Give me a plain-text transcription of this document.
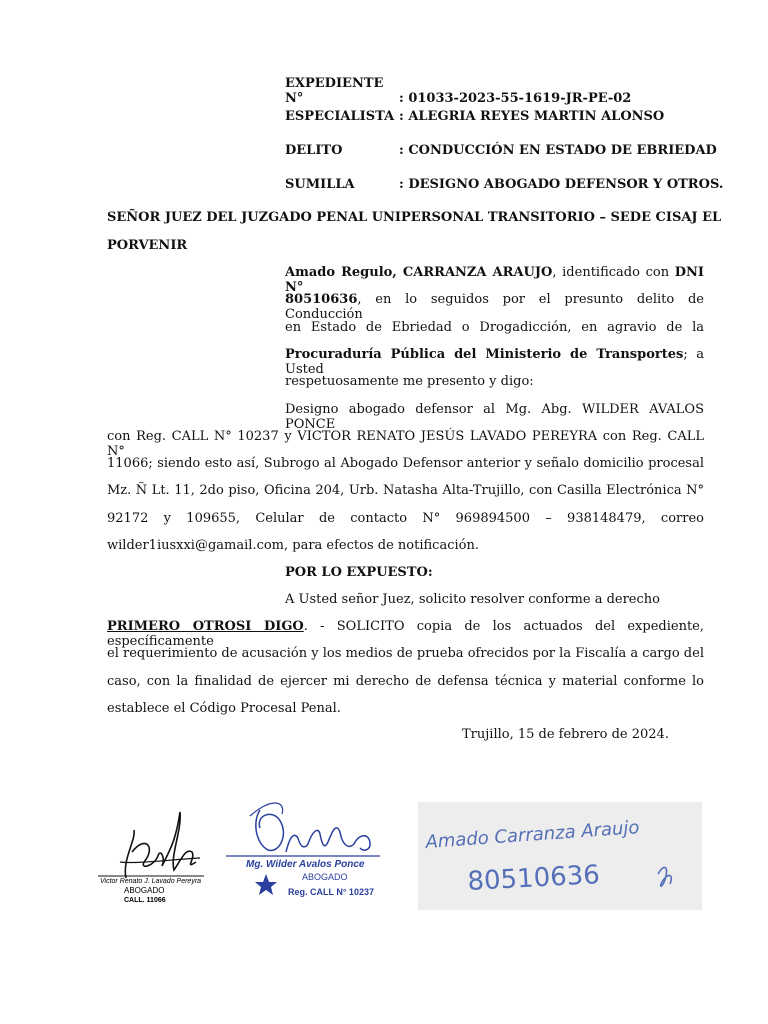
EXPEDIENTE N°	: 01033-2023-55-1619-JR-PE-02
ESPECIALISTA : ALEGRIA REYES MARTIN ALONSO
DELITO	: CONDUCCIÓN EN ESTADO DE EBRIEDAD
SUMILLA	: DESIGNO ABOGADO DEFENSOR Y OTROS.
SEÑOR JUEZ DEL JUZGADO PENAL UNIPERSONAL TRANSITORIO – SEDE CISAJ EL
PORVENIR
Amado Regulo, CARRANZA ARAUJO, identificado con DNI N°
80510636, en lo seguidos por el presunto delito de Conducción
en Estado de Ebriedad o Drogadicción, en agravio de la
Procuraduría Pública del Ministerio de Transportes; a Usted
respetuosamente me presento y digo:
Designo abogado defensor al Mg. Abg. WILDER AVALOS PONCE
con Reg. CALL N° 10237 y VICTOR RENATO JESÚS LAVADO PEREYRA con Reg. CALL N°
11066; siendo esto así, Subrogo al Abogado Defensor anterior y señalo domicilio procesal
Mz. Ñ Lt. 11, 2do piso, Oficina 204, Urb. Natasha Alta-Trujillo, con Casilla Electrónica N°
92172 y 109655, Celular de contacto N° 969894500 – 938148479, correo
wilder1iusxxi@gamail.com, para efectos de notificación.
POR LO EXPUESTO:
A Usted señor Juez, solicito resolver conforme a derecho
PRIMERO OTROSI DIGO. - SOLICITO copia de los actuados del expediente, específicamente
el requerimiento de acusación y los medios de prueba ofrecidos por la Fiscalía a cargo del
caso, con la finalidad de ejercer mi derecho de defensa técnica y material conforme lo
establece el Código Procesal Penal.
Trujillo, 15 de febrero de 2024.
Victor Renato J. Lavado Pereyra
ABOGADO
CALL. 11066
Mg. Wilder Avalos Ponce
ABOGADO
Reg. CALL N° 10237
Amado Carranza Araujo
80510636
